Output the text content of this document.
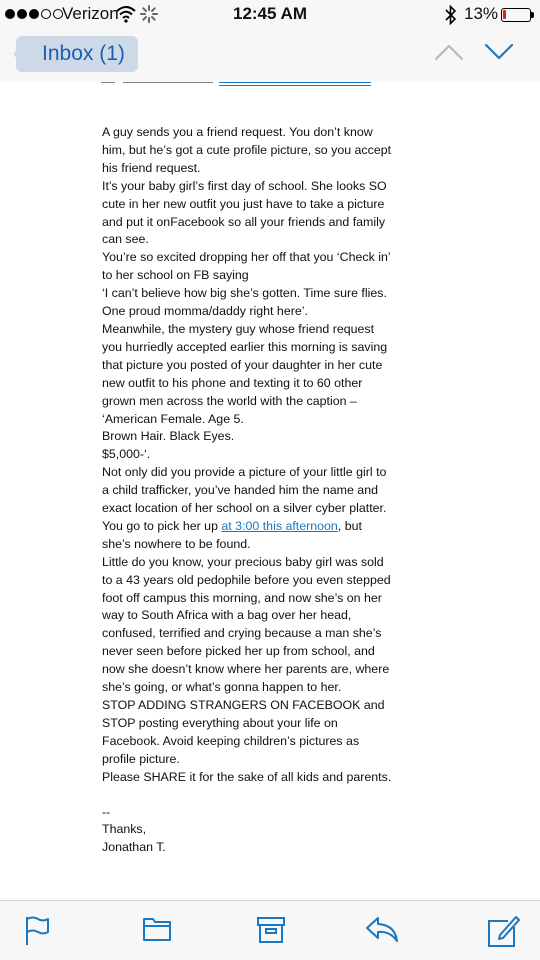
Verizon	12:45 AM	13%
Inbox (1)

A guy sends you a friend request. You don’t know him, but he’s got a cute profile picture, so you accept his friend request.

It’s your baby girl’s first day of school. She looks SO cute in her new outfit you just have to take a picture and put it onFacebook so all your friends and family can see.

You’re so excited dropping her off that you ‘Check in’ to her school on FB saying

‘I can’t believe how big she’s gotten. Time sure flies. One proud momma/daddy right here’.

Meanwhile, the mystery guy whose friend request you hurriedly accepted earlier this morning is saving that picture you posted of your daughter in her cute new outfit to his phone and texting it to 60 other grown men across the world with the caption –

‘American Female. Age 5.

Brown Hair. Black Eyes.

$5,000-‘.

Not only did you provide a picture of your little girl to a child trafficker, you’ve handed him the name and exact location of her school on a silver cyber platter.

You go to pick her up at 3:00 this afternoon, but she’s nowhere to be found.

Little do you know, your precious baby girl was sold to a 43 years old pedophile before you even stepped foot off campus this morning, and now she’s on her way to South Africa with a bag over her head, confused, terrified and crying because a man she’s never seen before picked her up from school, and now she doesn’t know where her parents are, where she’s going, or what’s gonna happen to her.

STOP ADDING STRANGERS ON FACEBOOK and STOP posting everything about your life on Facebook. Avoid keeping children’s pictures as profile picture.

Please SHARE it for the sake of all kids and parents.

--

Thanks,

Jonathan T.
